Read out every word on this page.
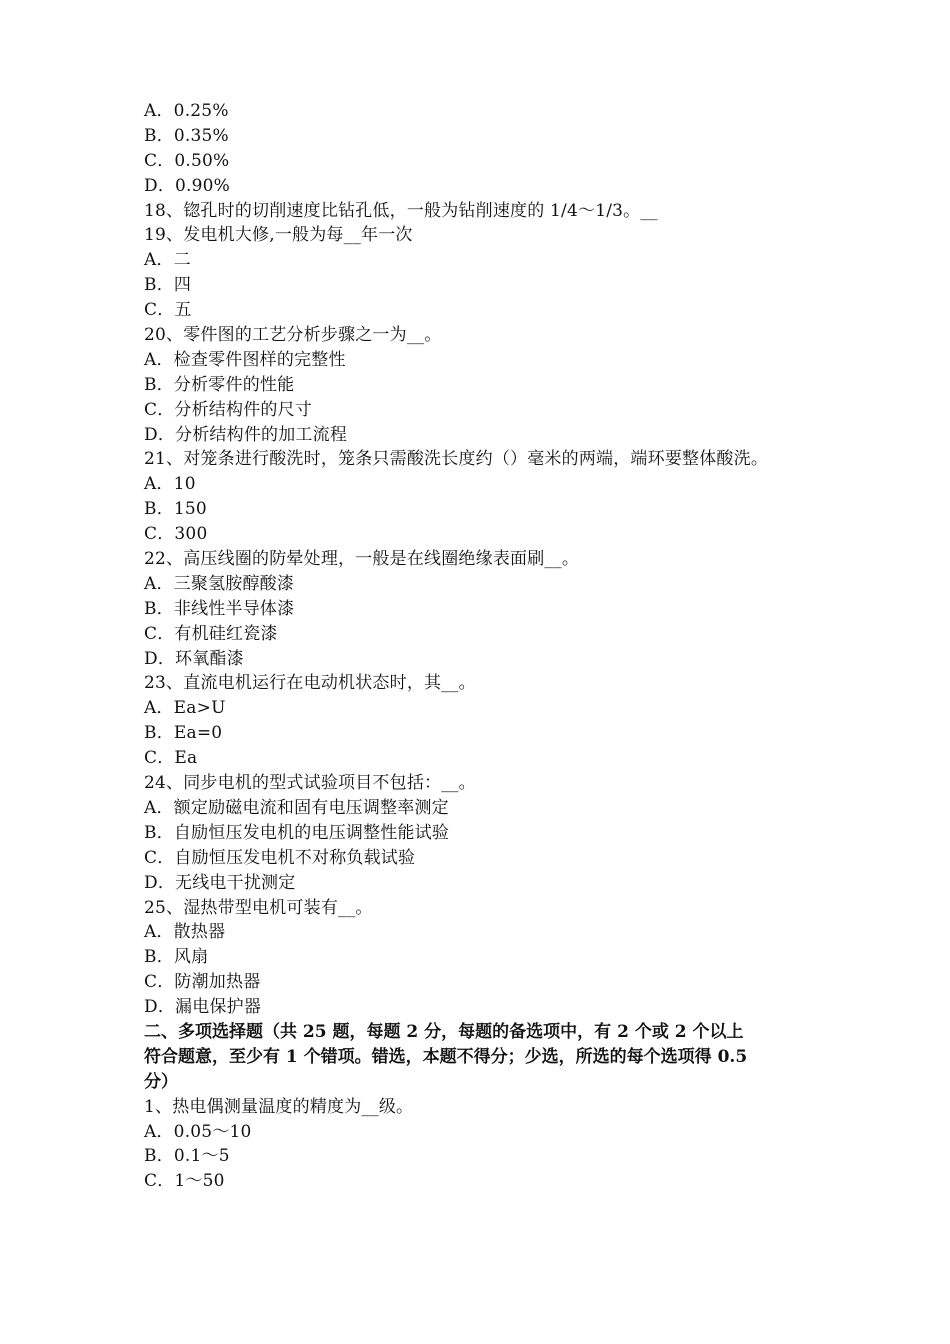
A．0.25%
B．0.35%
C．0.50%
D．0.90%
18、锪孔时的切削速度比钻孔低，一般为钻削速度的 1/4～1/3。__
19、发电机大修,一般为每__年一次
A．二
B．四
C．五
20、零件图的工艺分析步骤之一为__。
A．检查零件图样的完整性
B．分析零件的性能
C．分析结构件的尺寸
D．分析结构件的加工流程
21、对笼条进行酸洗时，笼条只需酸洗长度约（）毫米的两端，端环要整体酸洗。
A．10
B．150
C．300
22、高压线圈的防晕处理，一般是在线圈绝缘表面刷__。
A．三聚氢胺醇酸漆
B．非线性半导体漆
C．有机硅红瓷漆
D．环氧酯漆
23、直流电机运行在电动机状态时，其__。
A．Ea>U
B．Ea=0
C．Ea
24、同步电机的型式试验项目不包括：__。
A．额定励磁电流和固有电压调整率测定
B．自励恒压发电机的电压调整性能试验
C．自励恒压发电机不对称负载试验
D．无线电干扰测定
25、湿热带型电机可装有__。
A．散热器
B．风扇
C．防潮加热器
D．漏电保护器
二、多项选择题（共 25 题，每题 2 分，每题的备选项中，有 2 个或 2 个以上
符合题意，至少有 1 个错项。错选，本题不得分；少选，所选的每个选项得 0.5
分）
1、热电偶测量温度的精度为__级。
A．0.05～10
B．0.1～5
C．1～50
